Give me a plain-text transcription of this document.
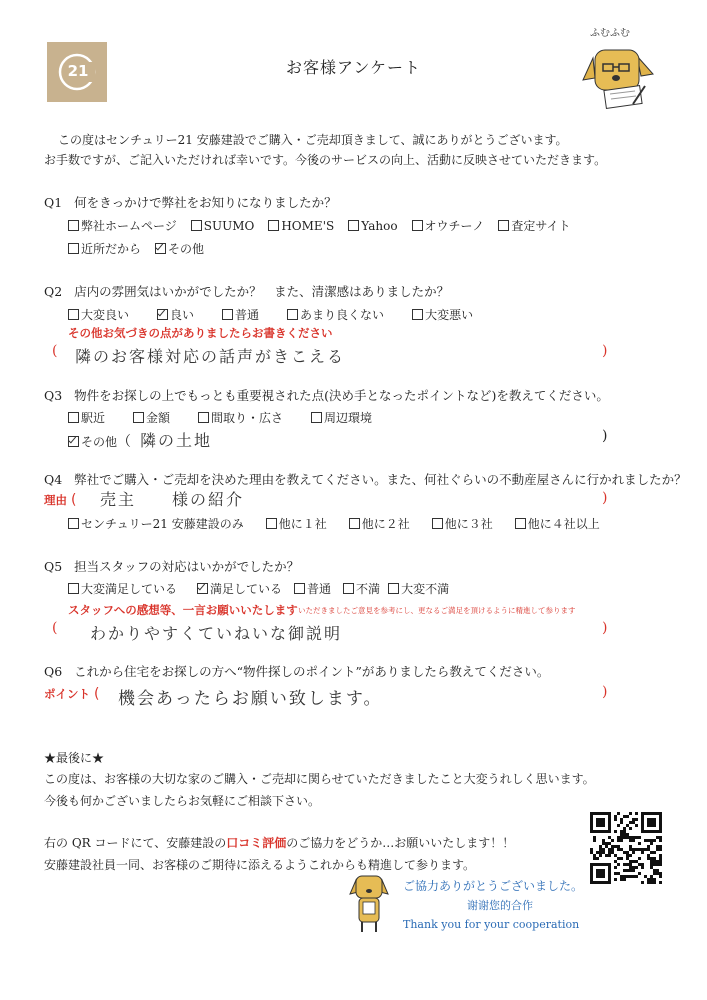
21	お客様アンケート
ふむふむ
この度はセンチュリー21 安藤建設でご購入・ご売却頂きまして、誠にありがとうございます。
お手数ですが、ご記入いただければ幸いです。今後のサービスの向上、活動に反映させていただきます。
Q1 何をきっかけで弊社をお知りになりましたか？
弊社ホームページ SUUMO HOME'S Yahoo オウチーノ 査定サイト
近所だから その他
Q2 店内の雰囲気はいかがでしたか？　また、清潔感はありましたか？
大変良い	良い	普通	あまり良くない	大変悪い
その他お気づきの点がありましたらお書きください
( 隣のお客様対応の話声がきこえる	)
Q3 物件をお探しの上でもっとも重要視された点(決め手となったポイントなど)を教えてください。
駅近	金額	間取り・広さ	周辺環境
その他（ 隣の土地	)
Q4 弊社でご購入・ご売却を決めた理由を教えてください。また、何社ぐらいの不動産屋さんに行かれましたか？
理由 ( 売主　　様の紹介	)
センチュリー21 安藤建設のみ	他に１社	他に２社	他に３社	他に４社以上
Q5 担当スタッフの対応はいかがでしたか？
大変満足している	満足している 普通 不満 大変不満
スタッフへの感想等、一言お願いいたします いただきましたご意見を参考にし、更なるご満足を頂けるように精進して参ります
( わかりやすくていねいな御説明	)
Q6 これから住宅をお探しの方へ“物件探しのポイント”がありましたら教えてください。
ポイント ( 機会あったらお願い致します。	)
★最後に★
この度は、お客様の大切な家のご購入・ご売却に関らせていただきましたこと大変うれしく思います。
今後も何かございましたらお気軽にご相談下さい。
右の QR コードにて、安藤建設の口コミ評価のご協力をどうか…お願いいたします！！
安藤建設社員一同、お客様のご期待に添えるようこれからも精進して参ります。
ご協力ありがとうございました。
谢谢您的合作
Thank you for your cooperation
